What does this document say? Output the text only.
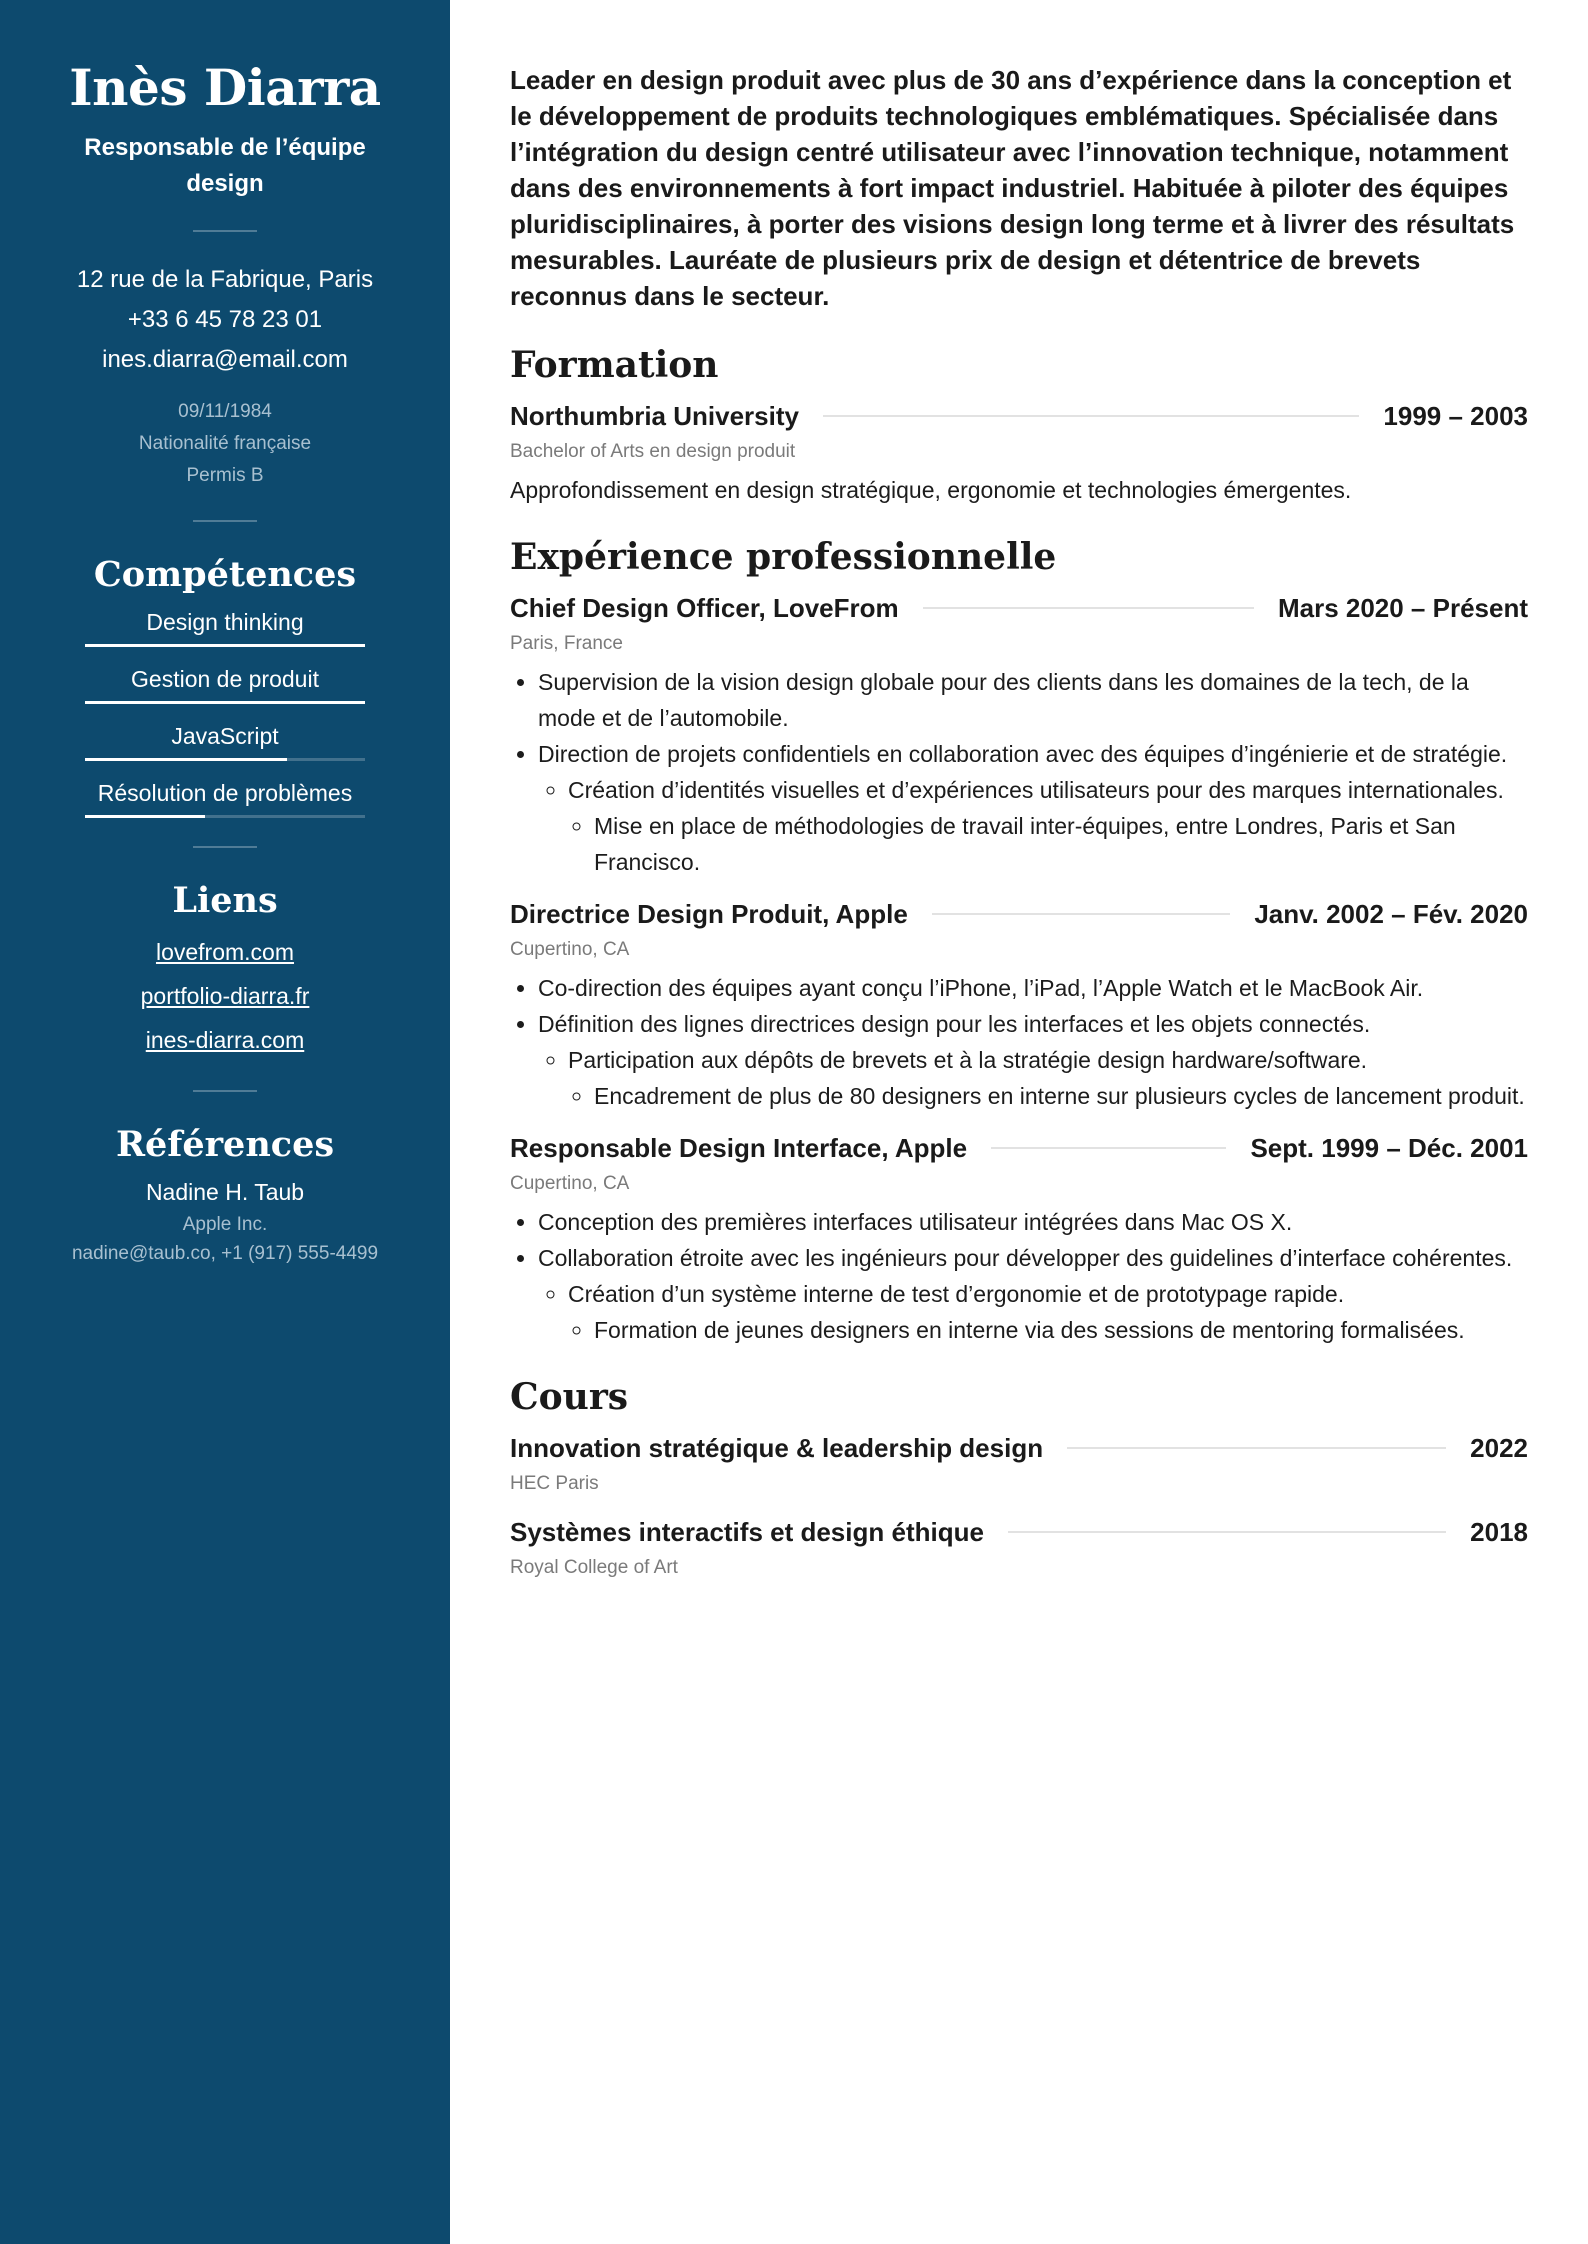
Inès Diarra
Responsable de l’équipe design
12 rue de la Fabrique, Paris
+33 6 45 78 23 01
ines.diarra@email.com
09/11/1984
Nationalité française
Permis B
Compétences
Design thinking
Gestion de produit
JavaScript
Résolution de problèmes
Liens
lovefrom.com
portfolio-diarra.fr
ines-diarra.com
Références
Nadine H. Taub
Apple Inc.
nadine@taub.co, +1 (917) 555-4499

Leader en design produit avec plus de 30 ans d’expérience dans la conception et le développement de produits technologiques emblématiques. Spécialisée dans l’intégration du design centré utilisateur avec l’innovation technique, notamment dans des environnements à fort impact industriel. Habituée à piloter des équipes pluridisciplinaires, à porter des visions design long terme et à livrer des résultats mesurables. Lauréate de plusieurs prix de design et détentrice de brevets reconnus dans le secteur.

Formation
Northumbria University	1999 – 2003
Bachelor of Arts en design produit
Approfondissement en design stratégique, ergonomie et technologies émergentes.
Expérience professionnelle
Chief Design Officer, LoveFrom	Mars 2020 – Présent
Paris, France
• Supervision de la vision design globale pour des clients dans les domaines de la tech, de la mode et de l’automobile.
• Direction de projets confidentiels en collaboration avec des équipes d’ingénierie et de stratégie.
◦ Création d’identités visuelles et d’expériences utilisateurs pour des marques internationales.
◦ Mise en place de méthodologies de travail inter-équipes, entre Londres, Paris et San Francisco.
Directrice Design Produit, Apple	Janv. 2002 – Fév. 2020
Cupertino, CA
• Co-direction des équipes ayant conçu l’iPhone, l’iPad, l’Apple Watch et le MacBook Air.
• Définition des lignes directrices design pour les interfaces et les objets connectés.
◦ Participation aux dépôts de brevets et à la stratégie design hardware/software.
◦ Encadrement de plus de 80 designers en interne sur plusieurs cycles de lancement produit.
Responsable Design Interface, Apple	Sept. 1999 – Déc. 2001
Cupertino, CA
• Conception des premières interfaces utilisateur intégrées dans Mac OS X.
• Collaboration étroite avec les ingénieurs pour développer des guidelines d’interface cohérentes.
◦ Création d’un système interne de test d’ergonomie et de prototypage rapide.
◦ Formation de jeunes designers en interne via des sessions de mentoring formalisées.
Cours
Innovation stratégique & leadership design	2022
HEC Paris
Systèmes interactifs et design éthique	2018
Royal College of Art
